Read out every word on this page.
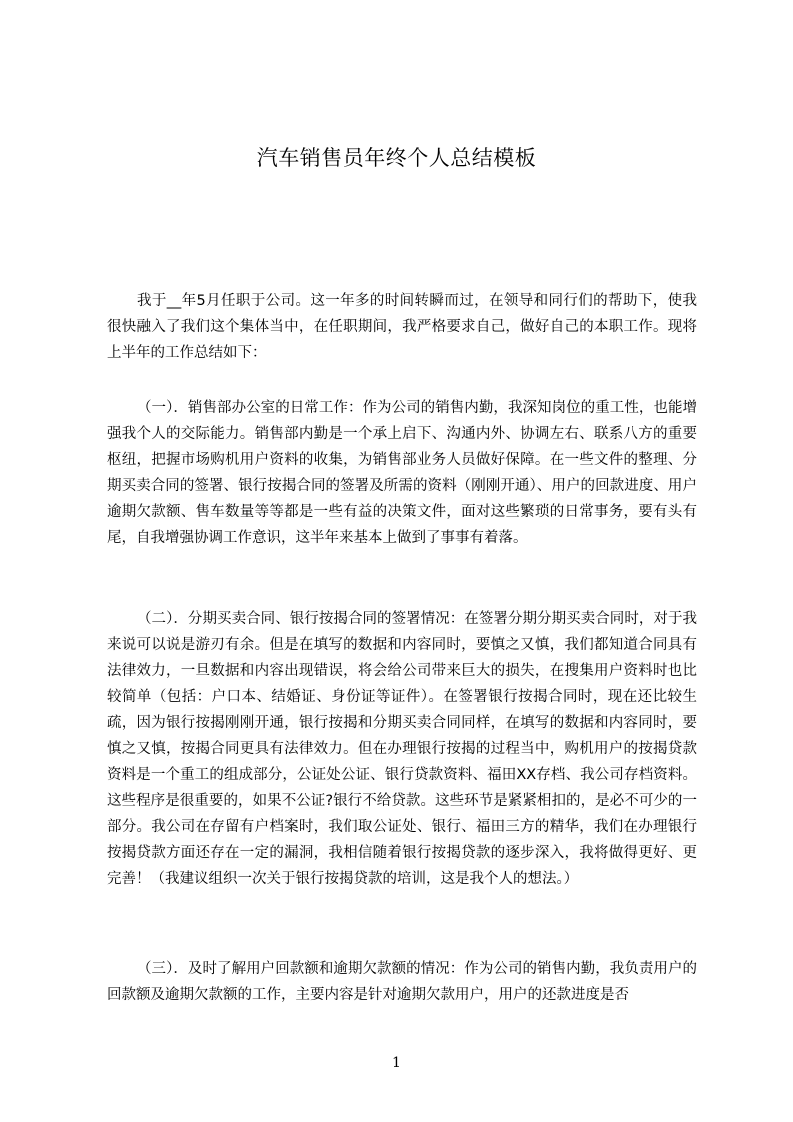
汽车销售员年终个人总结模板

我于__年5月任职于公司。这一年多的时间转瞬而过，在领导和同行们的帮助下，使我很快融入了我们这个集体当中，在任职期间，我严格要求自己，做好自己的本职工作。现将上半年的工作总结如下：

（一）．销售部办公室的日常工作：作为公司的销售内勤，我深知岗位的重工性，也能增强我个人的交际能力。销售部内勤是一个承上启下、沟通内外、协调左右、联系八方的重要枢纽，把握市场购机用户资料的收集，为销售部业务人员做好保障。在一些文件的整理、分期买卖合同的签署、银行按揭合同的签署及所需的资料（刚刚开通）、用户的回款进度、用户逾期欠款额、售车数量等等都是一些有益的决策文件，面对这些繁琐的日常事务，要有头有尾，自我增强协调工作意识，这半年来基本上做到了事事有着落。

（二）．分期买卖合同、银行按揭合同的签署情况：在签署分期分期买卖合同时，对于我来说可以说是游刃有余。但是在填写的数据和内容同时，要慎之又慎，我们都知道合同具有法律效力，一旦数据和内容出现错误，将会给公司带来巨大的损失，在搜集用户资料时也比较简单（包括：户口本、结婚证、身份证等证件）。在签署银行按揭合同时，现在还比较生疏，因为银行按揭刚刚开通，银行按揭和分期买卖合同同样，在填写的数据和内容同时，要慎之又慎，按揭合同更具有法律效力。但在办理银行按揭的过程当中，购机用户的按揭贷款资料是一个重工的组成部分，公证处公证、银行贷款资料、福田XX存档、我公司存档资料。这些程序是很重要的，如果不公证?银行不给贷款。这些环节是紧紧相扣的，是必不可少的一部分。我公司在存留有户档案时，我们取公证处、银行、福田三方的精华，我们在办理银行按揭贷款方面还存在一定的漏洞，我相信随着银行按揭贷款的逐步深入，我将做得更好、更完善！（我建议组织一次关于银行按揭贷款的培训，这是我个人的想法。）

（三）．及时了解用户回款额和逾期欠款额的情况：作为公司的销售内勤，我负责用户的回款额及逾期欠款额的工作，主要内容是针对逾期欠款用户，用户的还款进度是否

1
